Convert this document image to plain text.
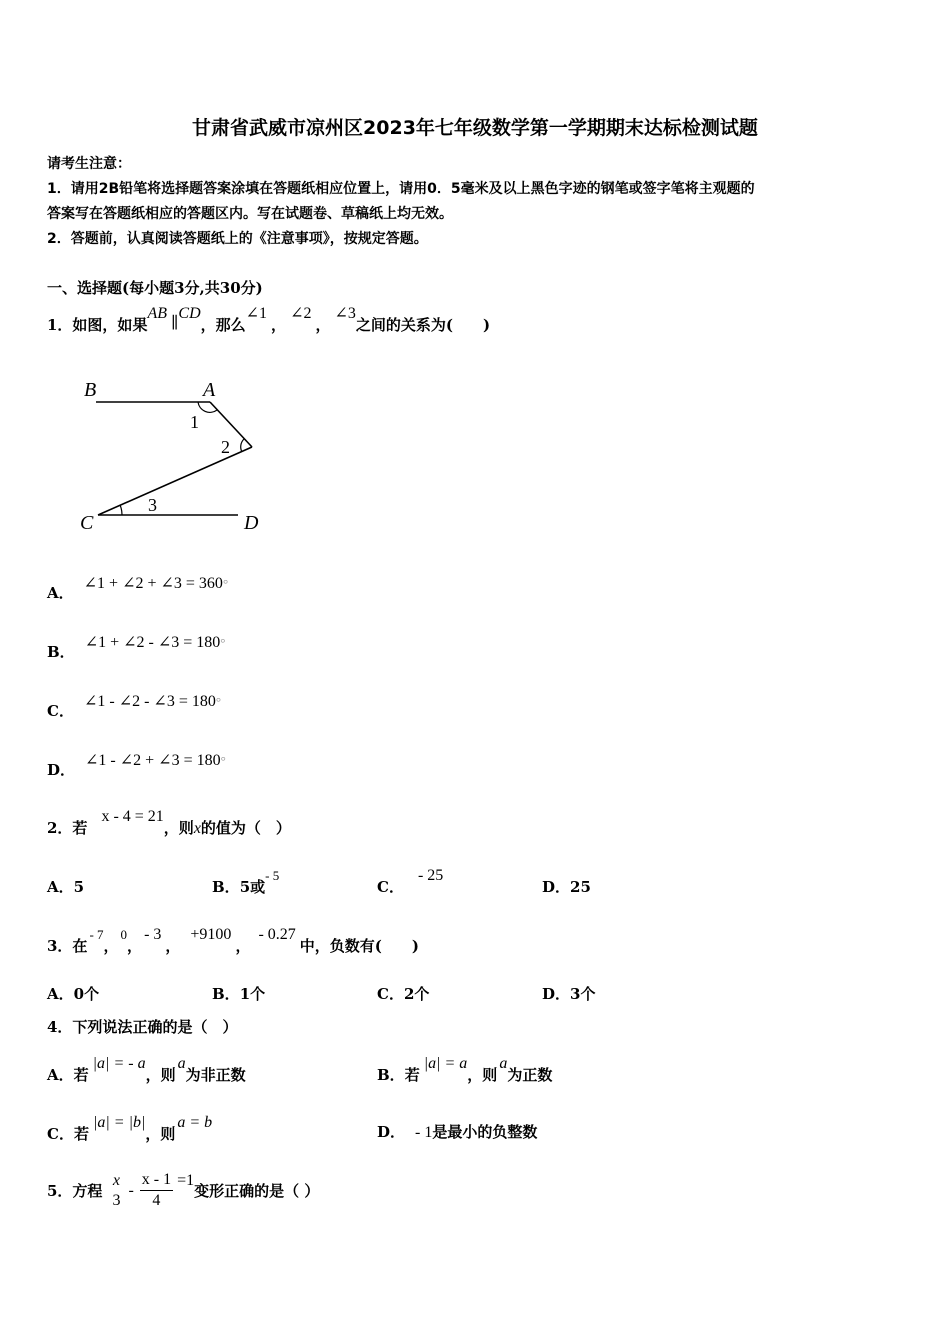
甘肃省武威市凉州区2023年七年级数学第一学期期末达标检测试题
请考生注意：
1．请用2B铅笔将选择题答案涂填在答题纸相应位置上，请用0．5毫米及以上黑色字迹的钢笔或签字笔将主观题的
答案写在答题纸相应的答题区内。写在试题卷、草稿纸上均无效。
2．答题前，认真阅读答题纸上的《注意事项》，按规定答题。
一、选择题(每小题3分,共30分)
1．如图，如果AB∥CD，那么∠1，∠2，∠3之间的关系为(　　)
B	A
C	D
1
2
3
A．∠1 + ∠2 + ∠3 = 360°
B．∠1 + ∠2 - ∠3 = 180°
C．∠1 - ∠2 - ∠3 = 180°
D．∠1 - ∠2 + ∠3 = 180°
2．若x - 4 = 21，则x的值为（　）
A．5	B．5或- 5
C．- 25
D．25
3．在- 7，0，- 3，+9100，- 0.27中，负数有(　　)
A．0个	B．1个	C．2个	D．3个
4．下列说法正确的是（　）
A．若|a| = - a，则a为非正数	B．若|a| = a，则a为正数
C．若|a| = |b|，则a = b
D． - 1是最小的负整数
5．方程
x
3
- $\frac{x - 1}{4} =1$
变形正确的是（ ）
